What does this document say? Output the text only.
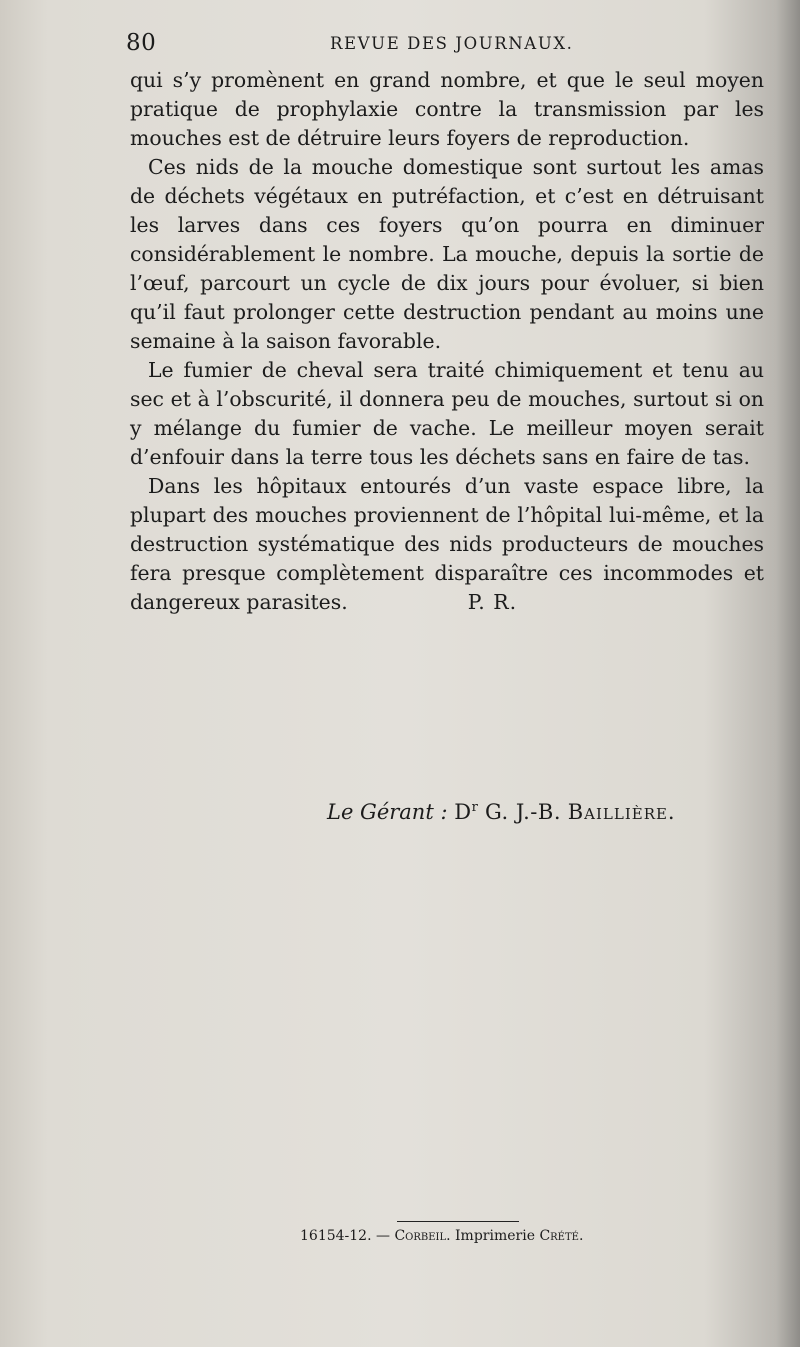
80	REVUE DES JOURNAUX.

qui s’y promènent en grand nombre, et que le seul moyen pratique de prophylaxie contre la transmission par les mouches est de détruire leurs foyers de reproduction.

Ces nids de la mouche domestique sont surtout les amas de déchets végétaux en putréfaction, et c’est en détruisant les larves dans ces foyers qu’on pourra en diminuer considérablement le nombre. La mouche, depuis la sortie de l’œuf, parcourt un cycle de dix jours pour évoluer, si bien qu’il faut prolonger cette destruction pendant au moins une semaine à la saison favorable.

Le fumier de cheval sera traité chimiquement et tenu au sec et à l’obscurité, il donnera peu de mouches, surtout si on y mélange du fumier de vache. Le meilleur moyen serait d’enfouir dans la terre tous les déchets sans en faire de tas.

Dans les hôpitaux entourés d’un vaste espace libre, la plupart des mouches proviennent de l’hôpital lui-même, et la destruction systématique des nids producteurs de mouches fera presque complètement disparaître ces incommodes et dangereux parasites.	P. R.

Le Gérant : $D^r$ G. J.-B. Baillière.
16154-12. — Corbeil. Imprimerie Crété.
